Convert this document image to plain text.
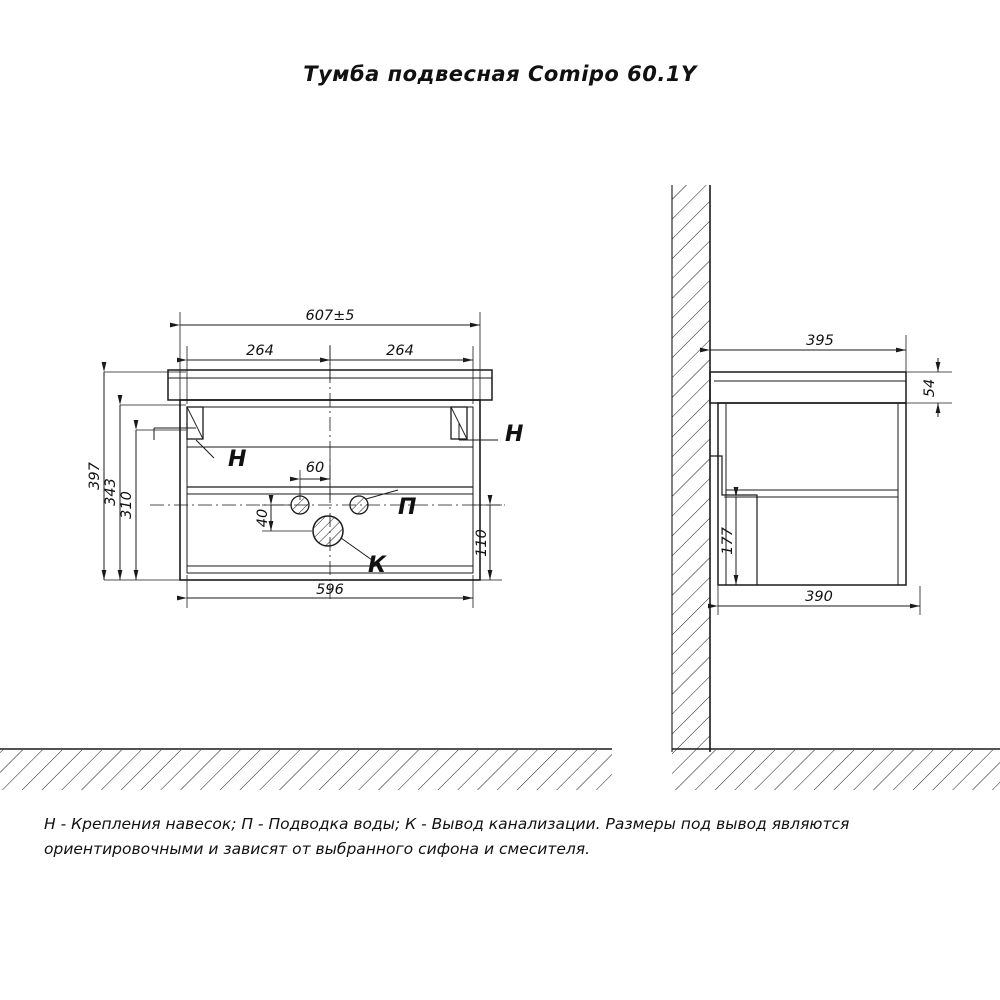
Тумба подвесная Comipo 60.1Y
607±5
264	264
596
397
343 310
110
60
40
Н
Н
П
К
395
54
390
177
Н - Крепления навесок; П - Подводка воды; К - Вывод канализации. Размеры под вывод являются
ориентировочными и зависят от выбранного сифона и смесителя.
